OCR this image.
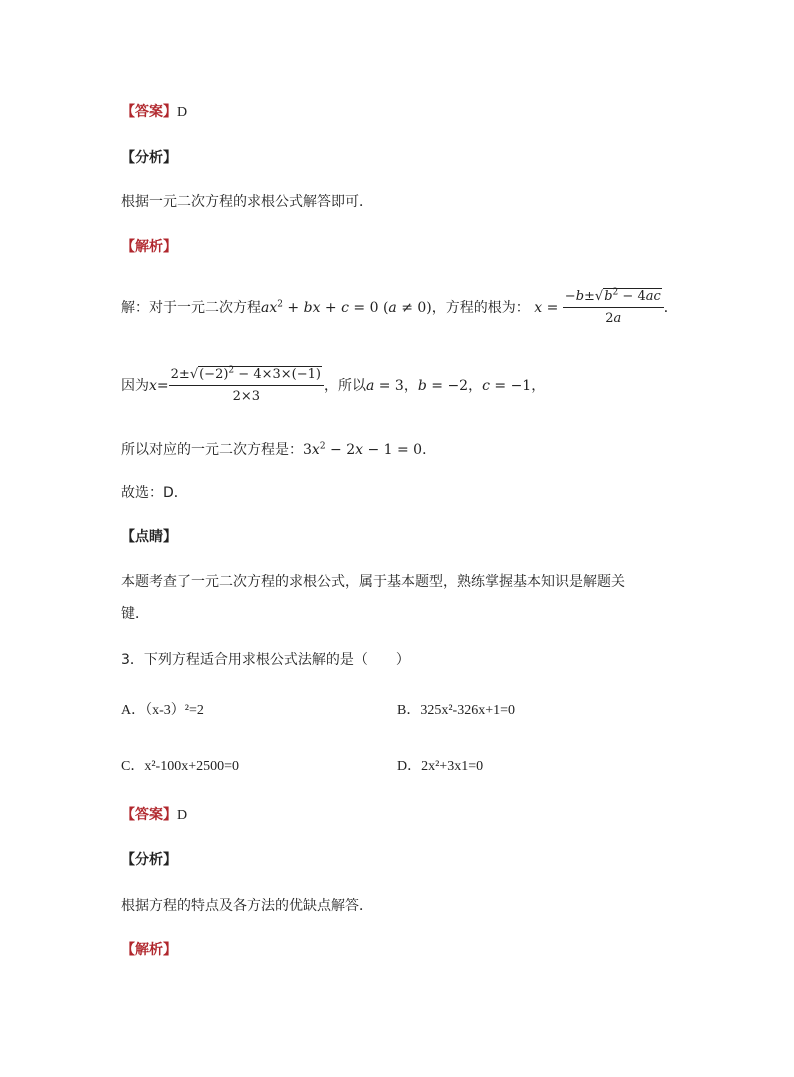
【答案】D
【分析】
根据一元二次方程的求根公式解答即可．
【解析】
解：对于一元二次方程$ax^2$ + bx + c = 0 (a ≠ 0)，方程的根为： $x = \frac{-b\pm√b^2 - 4ac}{2a}$ ．
因为$x= \frac{2\pm√(-2)^2 - 4\times 3\times(-1)}{2\times 3}$ ，所以a = 3，b = −2，c = −1，
所以对应的一元二次方程是：$3x^2 - 2x - 1 = 0$．
故选：D．
【点睛】
本题考查了一元二次方程的求根公式，属于基本题型，熟练掌握基本知识是解题关
键．
3．下列方程适合用求根公式法解的是（　　）
A．（x-3）²=2	B．325x²-326x+1=0
C．x²-100x+2500=0	D．2x²+3x1=0
【答案】D
【分析】
根据方程的特点及各方法的优缺点解答．
【解析】
